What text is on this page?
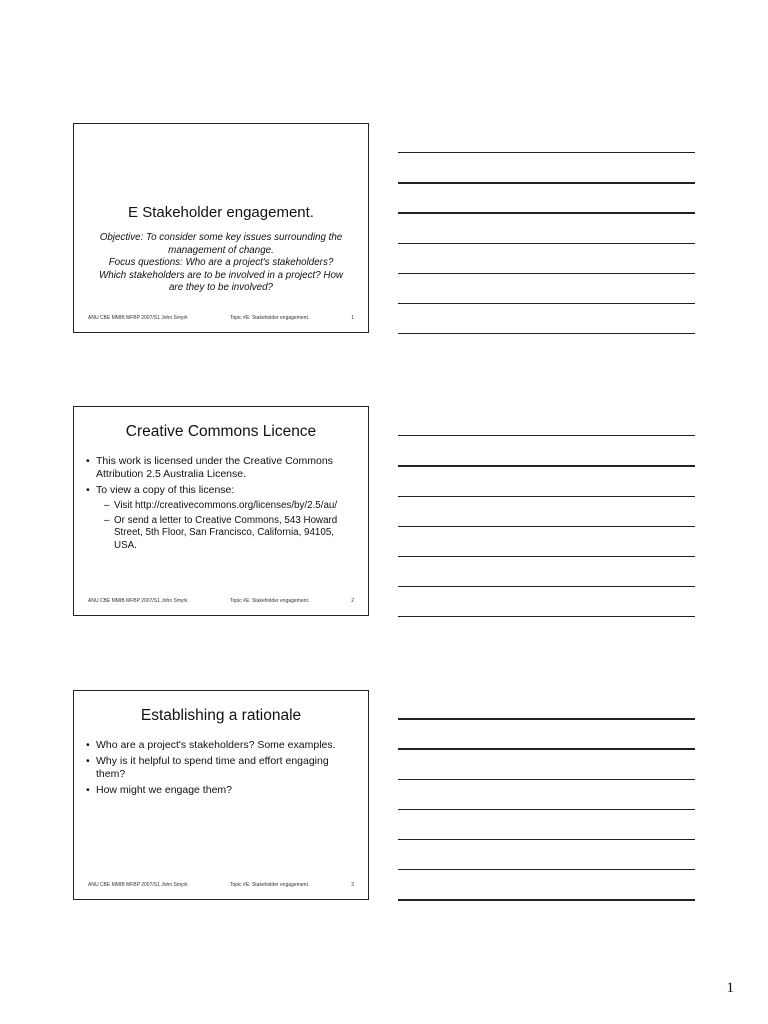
E Stakeholder engagement.
Objective: To consider some key issues surrounding the
management of change.
Focus questions: Who are a project's stakeholders?
Which stakeholders are to be involved in a project? How
are they to be involved?
ANU CBE MMIB MFBP 2007/S1 John Smyrk	Topic #E: Stakeholder engagement.	1
Creative Commons Licence
• This work is licensed under the Creative Commons Attribution 2.5 Australia License.
• To view a copy of this license:
– Visit http://creativecommons.org/licenses/by/2.5/au/
– Or send a letter to Creative Commons, 543 Howard Street, 5th Floor, San Francisco, California, 94105, USA.
ANU CBE MMIB MFBP 2007/S1 John Smyrk	Topic #E: Stakeholder engagement.	2
Establishing a rationale
• Who are a project's stakeholders? Some examples.
• Why is it helpful to spend time and effort engaging them?
• How might we engage them?
ANU CBE MMIB MFBP 2007/S1 John Smyrk	Topic #E: Stakeholder engagement.	3
1
